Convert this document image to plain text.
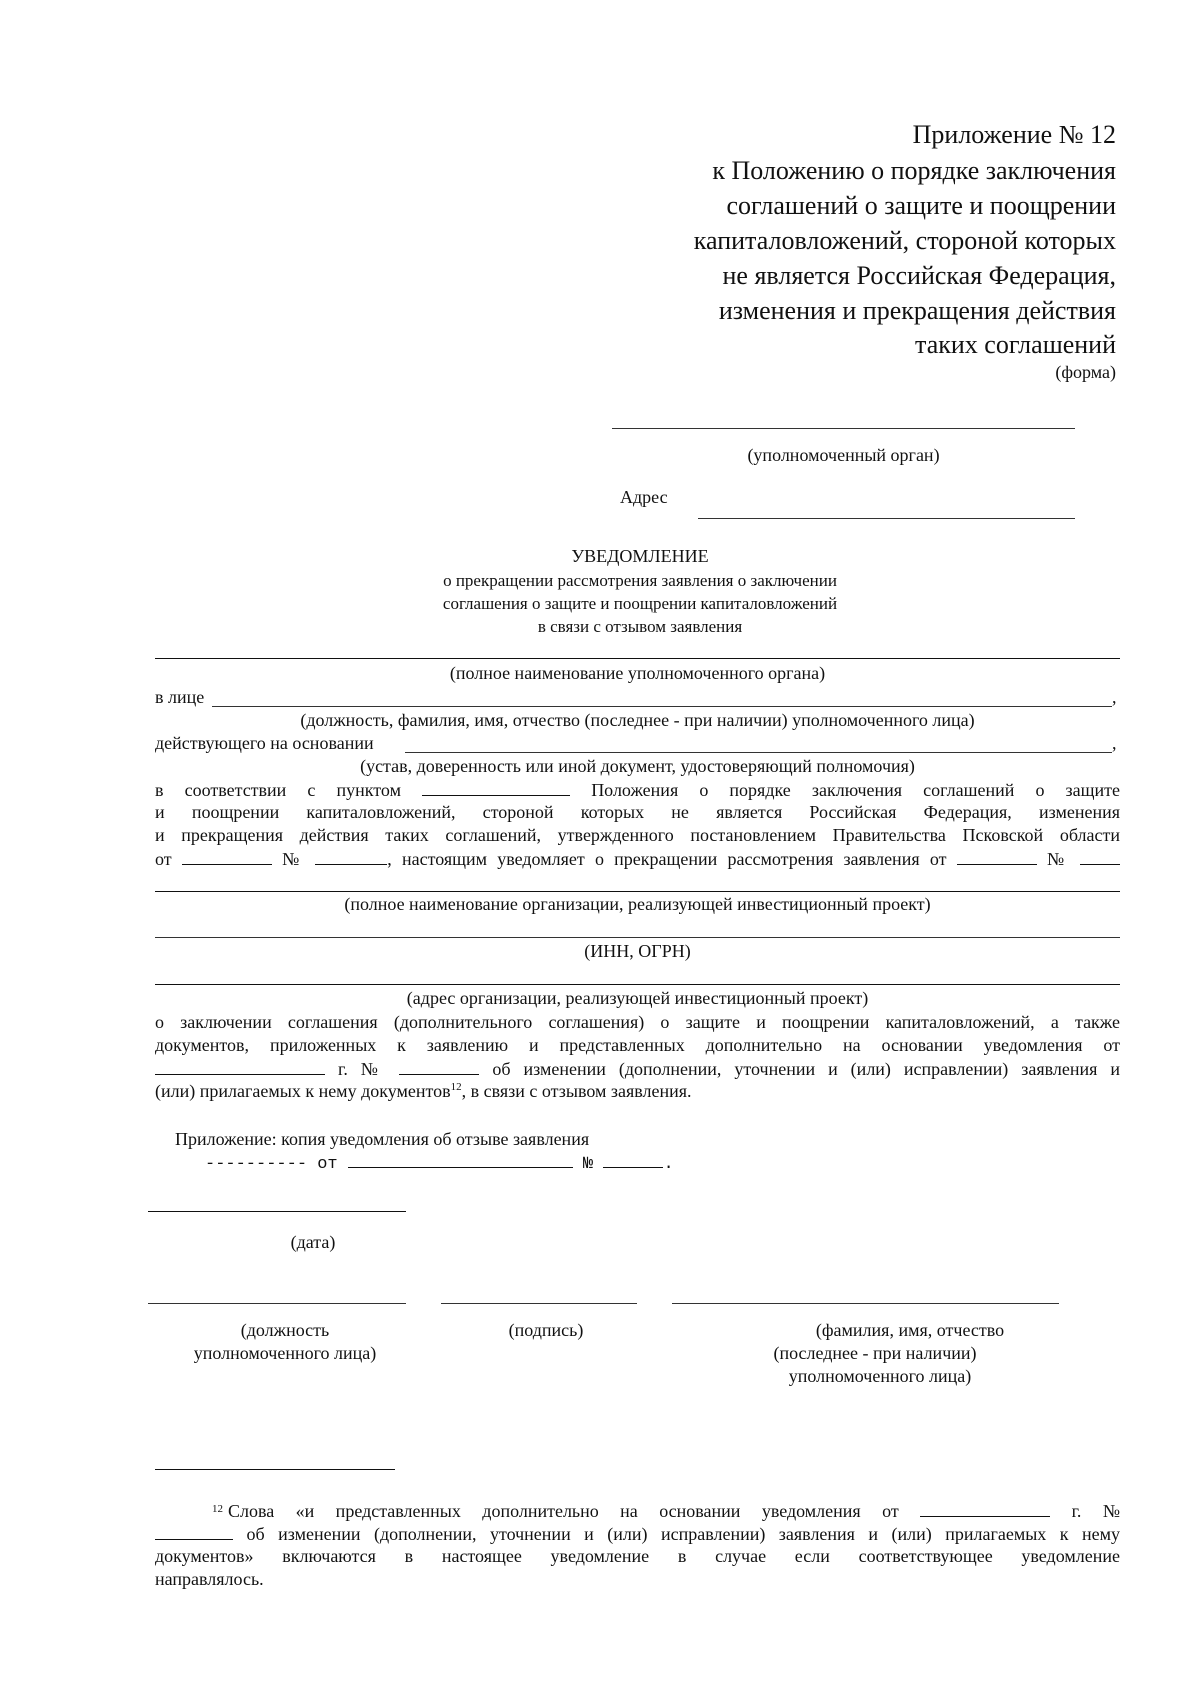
Приложение № 12
к Положению о порядке заключения
соглашений о защите и поощрении
капиталовложений, стороной которых
не является Российская Федерация,
изменения и прекращения действия
таких соглашений
(форма)
(уполномоченный орган)
Адрес
УВЕДОМЛЕНИЕ
о прекращении рассмотрения заявления о заключении
соглашения о защите и поощрении капиталовложений
в связи с отзывом заявления
(полное наименование уполномоченного органа)
в лице	,
(должность, фамилия, имя, отчество (последнее - при наличии) уполномоченного лица)
действующего на основании	,
(устав, доверенность или иной документ, удостоверяющий полномочия)
в соответствии с пунктом	Положения о порядке заключения соглашений о защите
и поощрении капиталовложений, стороной которых не является Российская Федерация, изменения
и прекращения действия таких соглашений, утвержденного постановлением Правительства Псковской области
от	№	, настоящим уведомляет о прекращении рассмотрения заявления от	№
(полное наименование организации, реализующей инвестиционный проект)
(ИНН, ОГРН)
(адрес организации, реализующей инвестиционный проект)
о заключении соглашения (дополнительного соглашения) о защите и поощрении капиталовложений, а также
документов, приложенных к заявлению и представленных дополнительно на основании уведомления от
г. №	об изменении (дополнении, уточнении и (или) исправлении) заявления и
(или) прилагаемых к нему документов$^{12}$, в связи с отзывом заявления.
Приложение: копия уведомления об отзыве заявления
---------- от	№	.
(дата)
(должность
уполномоченного лица)
(подпись)	(фамилия, имя, отчество
(последнее - при наличии)
уполномоченного лица)
12 Слова «и представленных дополнительно на основании уведомления от	г. №
об изменении (дополнении, уточнении и (или) исправлении) заявления и (или) прилагаемых к нему
документов» включаются в настоящее уведомление в случае если соответствующее уведомление
направлялось.
